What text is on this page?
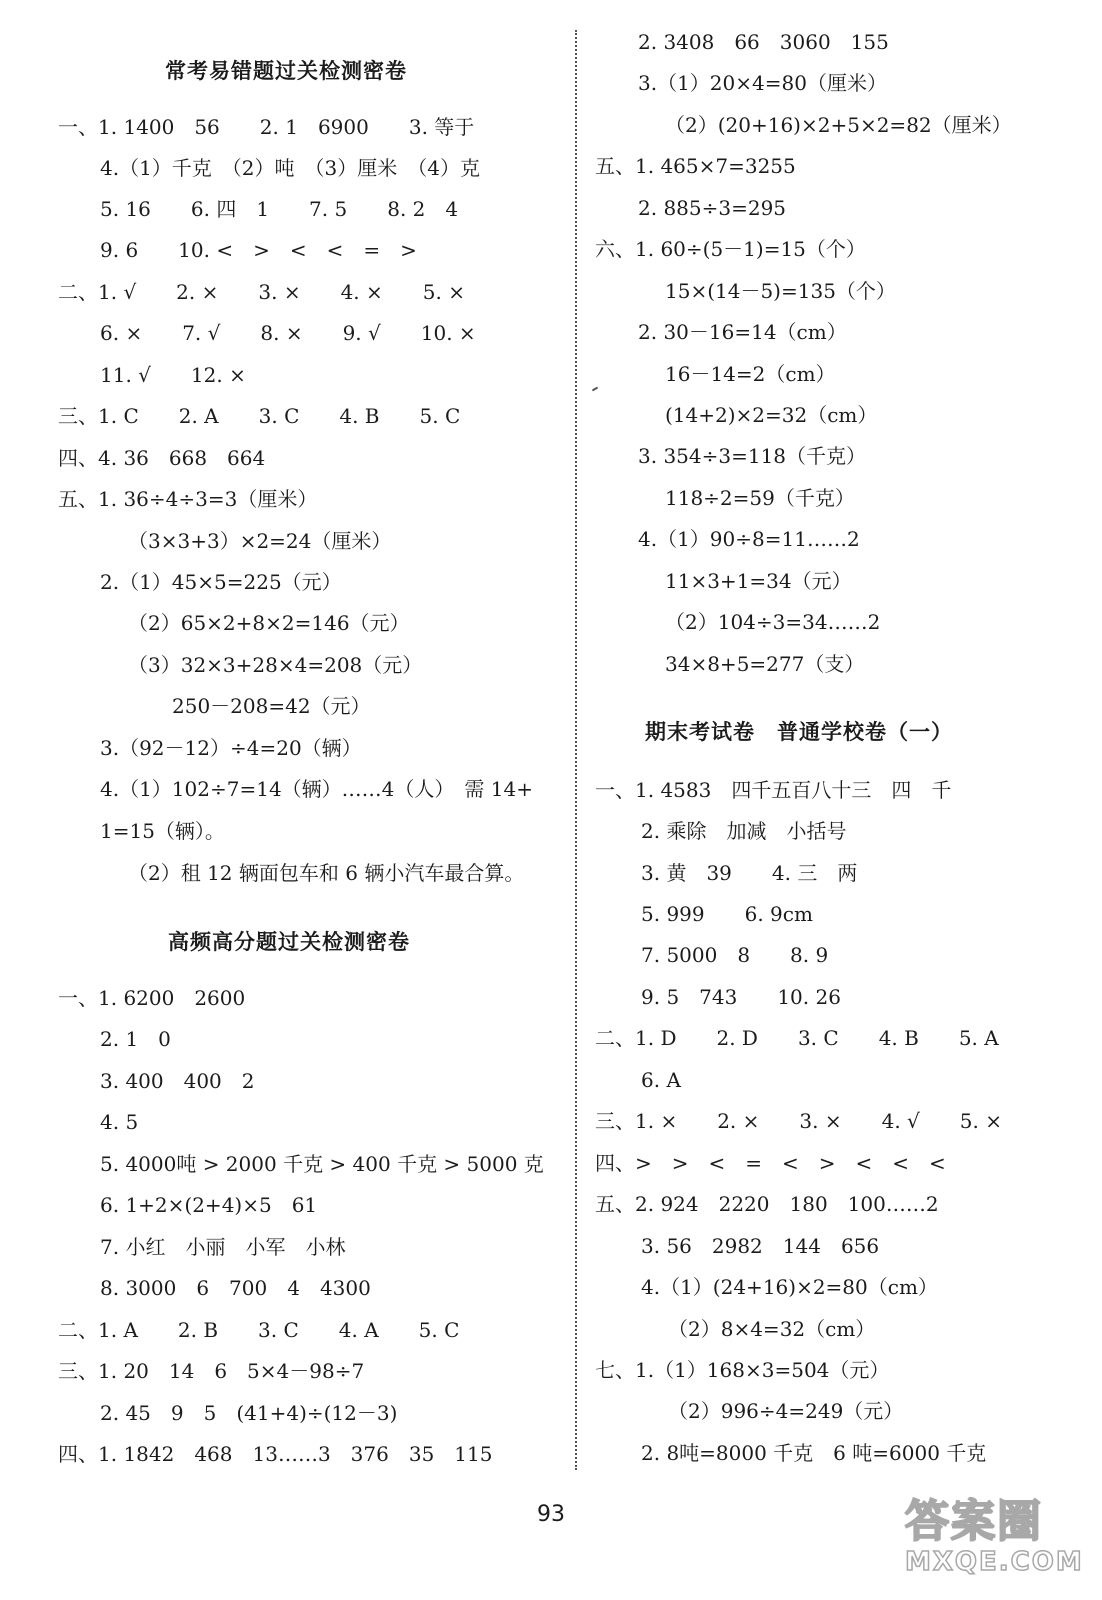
常考易错题过关检测密卷
一、1. 1400　56　　2. 1　6900　　3. 等于
4.（1）千克　（2）吨　（3）厘米　（4）克
5. 16　　6. 四　1　　7. 5　　8. 2　4
9. 6　　10. <　>　<　<　=　>
二、1. √　　2. ×　　3. ×　　4. ×　　5. ×
6. ×　　7. √　　8. ×　　9. √　　10. ×
11. √　　12. ×
三、1. C　　2. A　　3. C　　4. B　　5. C
四、4. 36　668　664
五、1. 36÷4÷3=3（厘米）
（3×3+3）×2=24（厘米）
2.（1）45×5=225（元）
（2）65×2+8×2=146（元）
（3）32×3+28×4=208（元）
250－208=42（元）
3.（92－12）÷4=20（辆）
4.（1）102÷7=14（辆）……4（人）　需 14+
1=15（辆）。
（2）租 12 辆面包车和 6 辆小汽车最合算。
高频高分题过关检测密卷
一、1. 6200　2600
2. 1　0
3. 400　400　2
4. 5
5. 4000吨 > 2000 千克 > 400 千克 > 5000 克
6. 1+2×(2+4)×5　61
7. 小红　小丽　小军　小林
8. 3000　6　700　4　4300
二、1. A　　2. B　　3. C　　4. A　　5. C
三、1. 20　14　6　5×4－98÷7
2. 45　9　5　(41+4)÷(12－3)
四、1. 1842　468　13……3　376　35　115
2. 3408　66　3060　155
3.（1）20×4=80（厘米）
（2）(20+16)×2+5×2=82（厘米）
五、1. 465×7=3255
2. 885÷3=295
六、1. 60÷(5－1)=15（个）
15×(14－5)=135（个）
2. 30－16=14（cm）
16－14=2（cm）
(14+2)×2=32（cm）
3. 354÷3=118（千克）
118÷2=59（千克）
4.（1）90÷8=11……2
11×3+1=34（元）
（2）104÷3=34……2
34×8+5=277（支）
期末考试卷　普通学校卷（一）
一、1. 4583　四千五百八十三　四　千
2. 乘除　加减　小括号
3. 黄　39　　4. 三　两
5. 999　　6. 9cm
7. 5000　8　　8. 9
9. 5　743　　10. 26
二、1. D　　2. D　　3. C　　4. B　　5. A
6. A
三、1. ×　　2. ×　　3. ×　　4. √　　5. ×
四、>　>　<　=　<　>　<　<　<
五、2. 924　2220　180　100……2
3. 56　2982　144　656
4.（1）(24+16)×2=80（cm）
（2）8×4=32（cm）
七、1.（1）168×3=504（元）
（2）996÷4=249（元）
2. 8吨=8000 千克　6 吨=6000 千克
93	答案圈
MXQE.COM
